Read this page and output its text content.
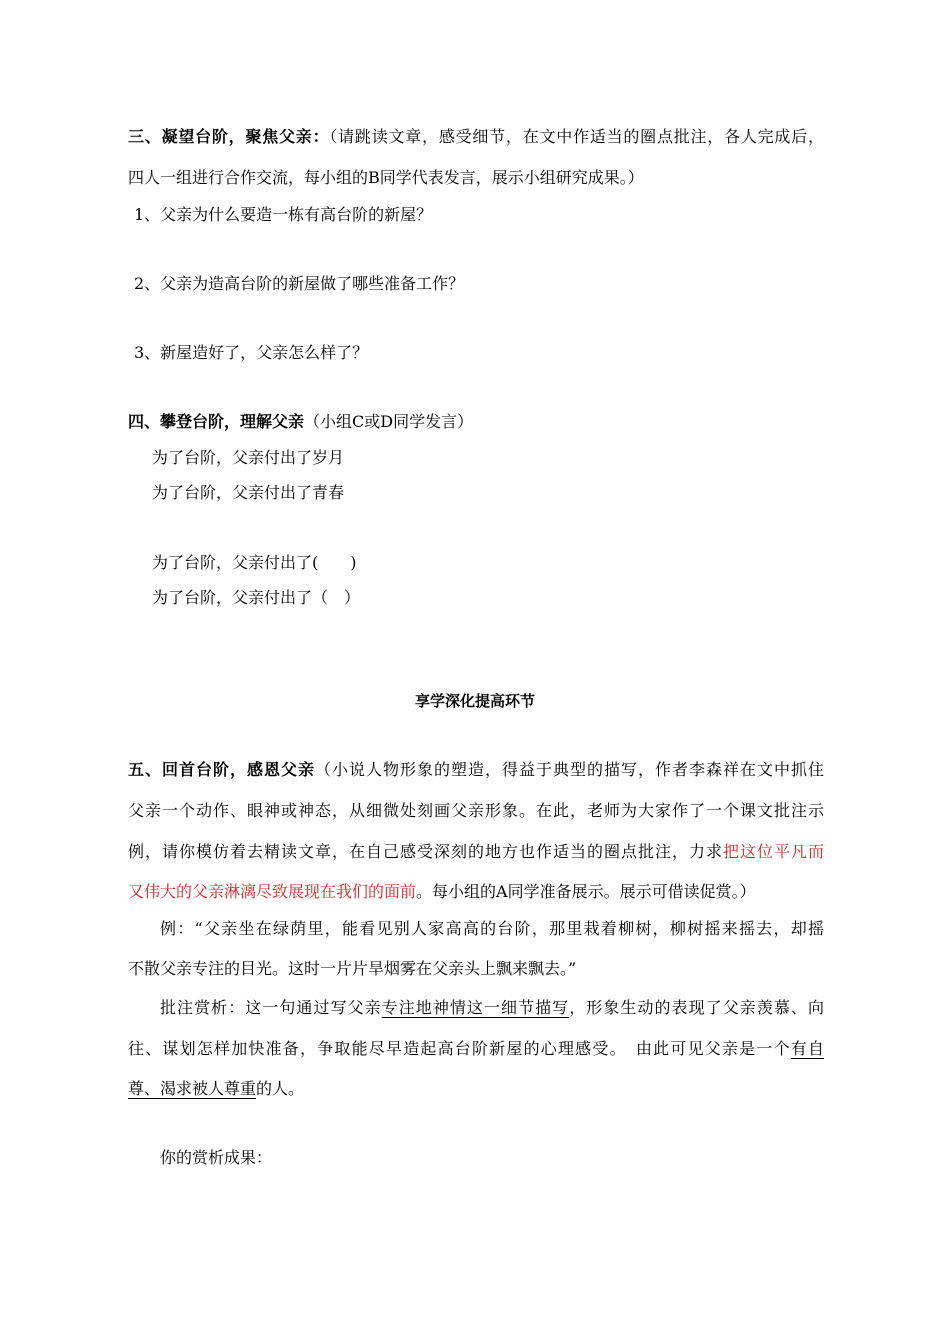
三、凝望台阶，聚焦父亲：（请跳读文章，感受细节，在文中作适当的圈点批注，各人完成后，
四人一组进行合作交流，每小组的B同学代表发言，展示小组研究成果。）
1、父亲为什么要造一栋有高台阶的新屋？
2、父亲为造高台阶的新屋做了哪些准备工作？
3、新屋造好了，父亲怎么样了？
四、攀登台阶，理解父亲（小组C或D同学发言）
为了台阶，父亲付出了岁月
为了台阶，父亲付出了青春
为了台阶，父亲付出了(　　)
为了台阶，父亲付出了（　）
享学深化提高环节
五、回首台阶，感恩父亲（小说人物形象的塑造，得益于典型的描写，作者李森祥在文中抓住
父亲一个动作、眼神或神态，从细微处刻画父亲形象。在此，老师为大家作了一个课文批注示
例，请你模仿着去精读文章，在自己感受深刻的地方也作适当的圈点批注，力求把这位平凡而
又伟大的父亲淋漓尽致展现在我们的面前。每小组的A同学准备展示。展示可借读促赏。）
例：“父亲坐在绿荫里，能看见别人家高高的台阶，那里栽着柳树，柳树摇来摇去，却摇
不散父亲专注的目光。这时一片片旱烟雾在父亲头上飘来飘去。”
批注赏析：这一句通过写父亲专注地神情这一细节描写，形象生动的表现了父亲羡慕、向
往、谋划怎样加快准备，争取能尽早造起高台阶新屋的心理感受。　由此可见父亲是一个有自
尊、渴求被人尊重的人。
你的赏析成果：
